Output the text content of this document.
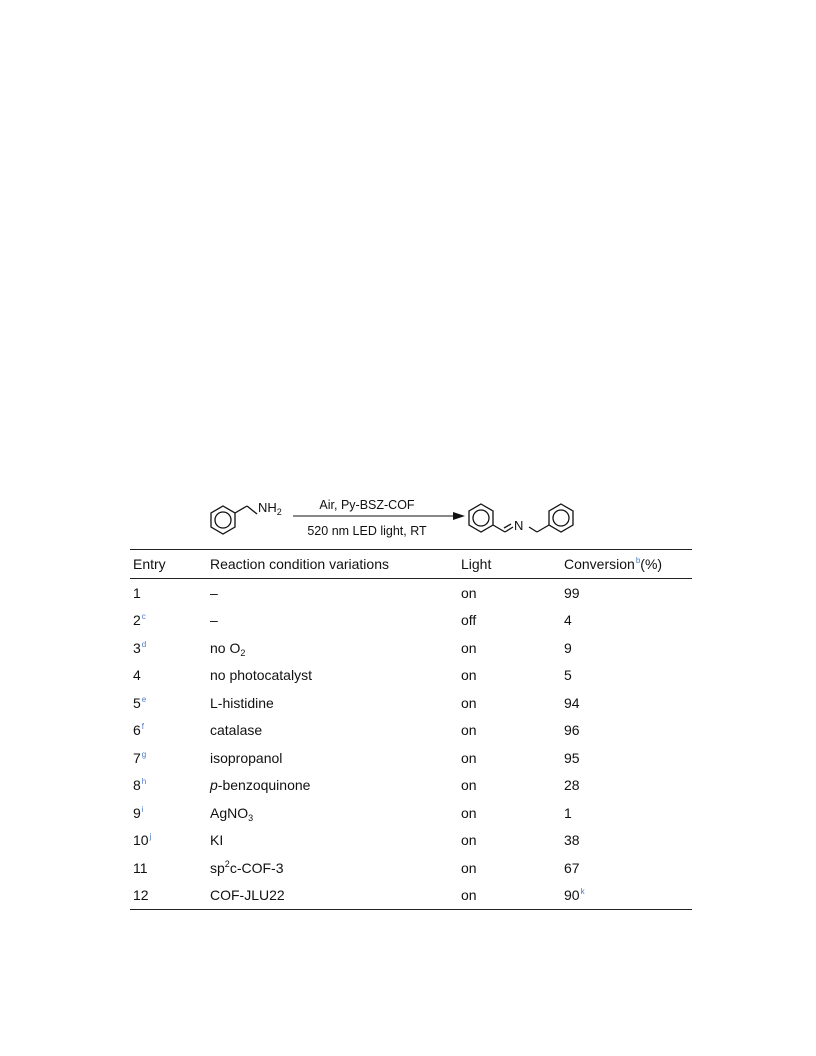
$NH_2$	Air, Py-BSZ-COF
520 nm LED light, RT	N
Entry	Reaction condition variations	Light	Conversion$^b$(%)
1	–	on	99
2$^c$	–	off	4
3$^d$	no $O_2$	on	9
4	no photocatalyst	on	5
5e	L-histidine	on	94
6$^f$	catalase	on	96
7$^g$	isopropanol	on	95
8$^h$	p-benzoquinone	on	28
9$^i$	AgNO$_3$	on	1
10$^j$	KI	on	38
11	$sp^2c-COF-3$	on	67
12	COF-JLU22	on	90$^k$
